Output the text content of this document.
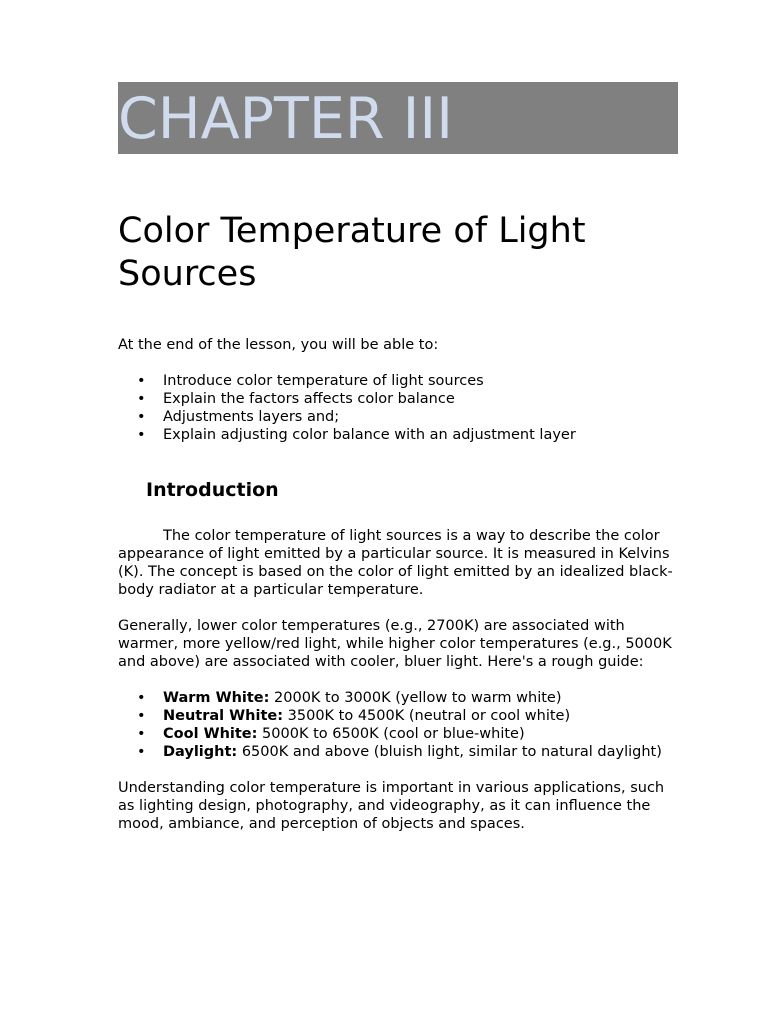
CHAPTER III
Color Temperature of Light Sources

At the end of the lesson, you will be able to:

• Introduce color temperature of light sources
• Explain the factors affects color balance
• Adjustments layers and;
• Explain adjusting color balance with an adjustment layer
Introduction

The color temperature of light sources is a way to describe the color appearance of light emitted by a particular source. It is measured in Kelvins (K). The concept is based on the color of light emitted by an idealized black-body radiator at a particular temperature.

Generally, lower color temperatures (e.g., 2700K) are associated with warmer, more yellow/red light, while higher color temperatures (e.g., 5000K and above) are associated with cooler, bluer light. Here's a rough guide:

• Warm White: 2000K to 3000K (yellow to warm white)
• Neutral White: 3500K to 4500K (neutral or cool white)
• Cool White: 5000K to 6500K (cool or blue-white)
• Daylight: 6500K and above (bluish light, similar to natural daylight)

Understanding color temperature is important in various applications, such as lighting design, photography, and videography, as it can influence the mood, ambiance, and perception of objects and spaces.
